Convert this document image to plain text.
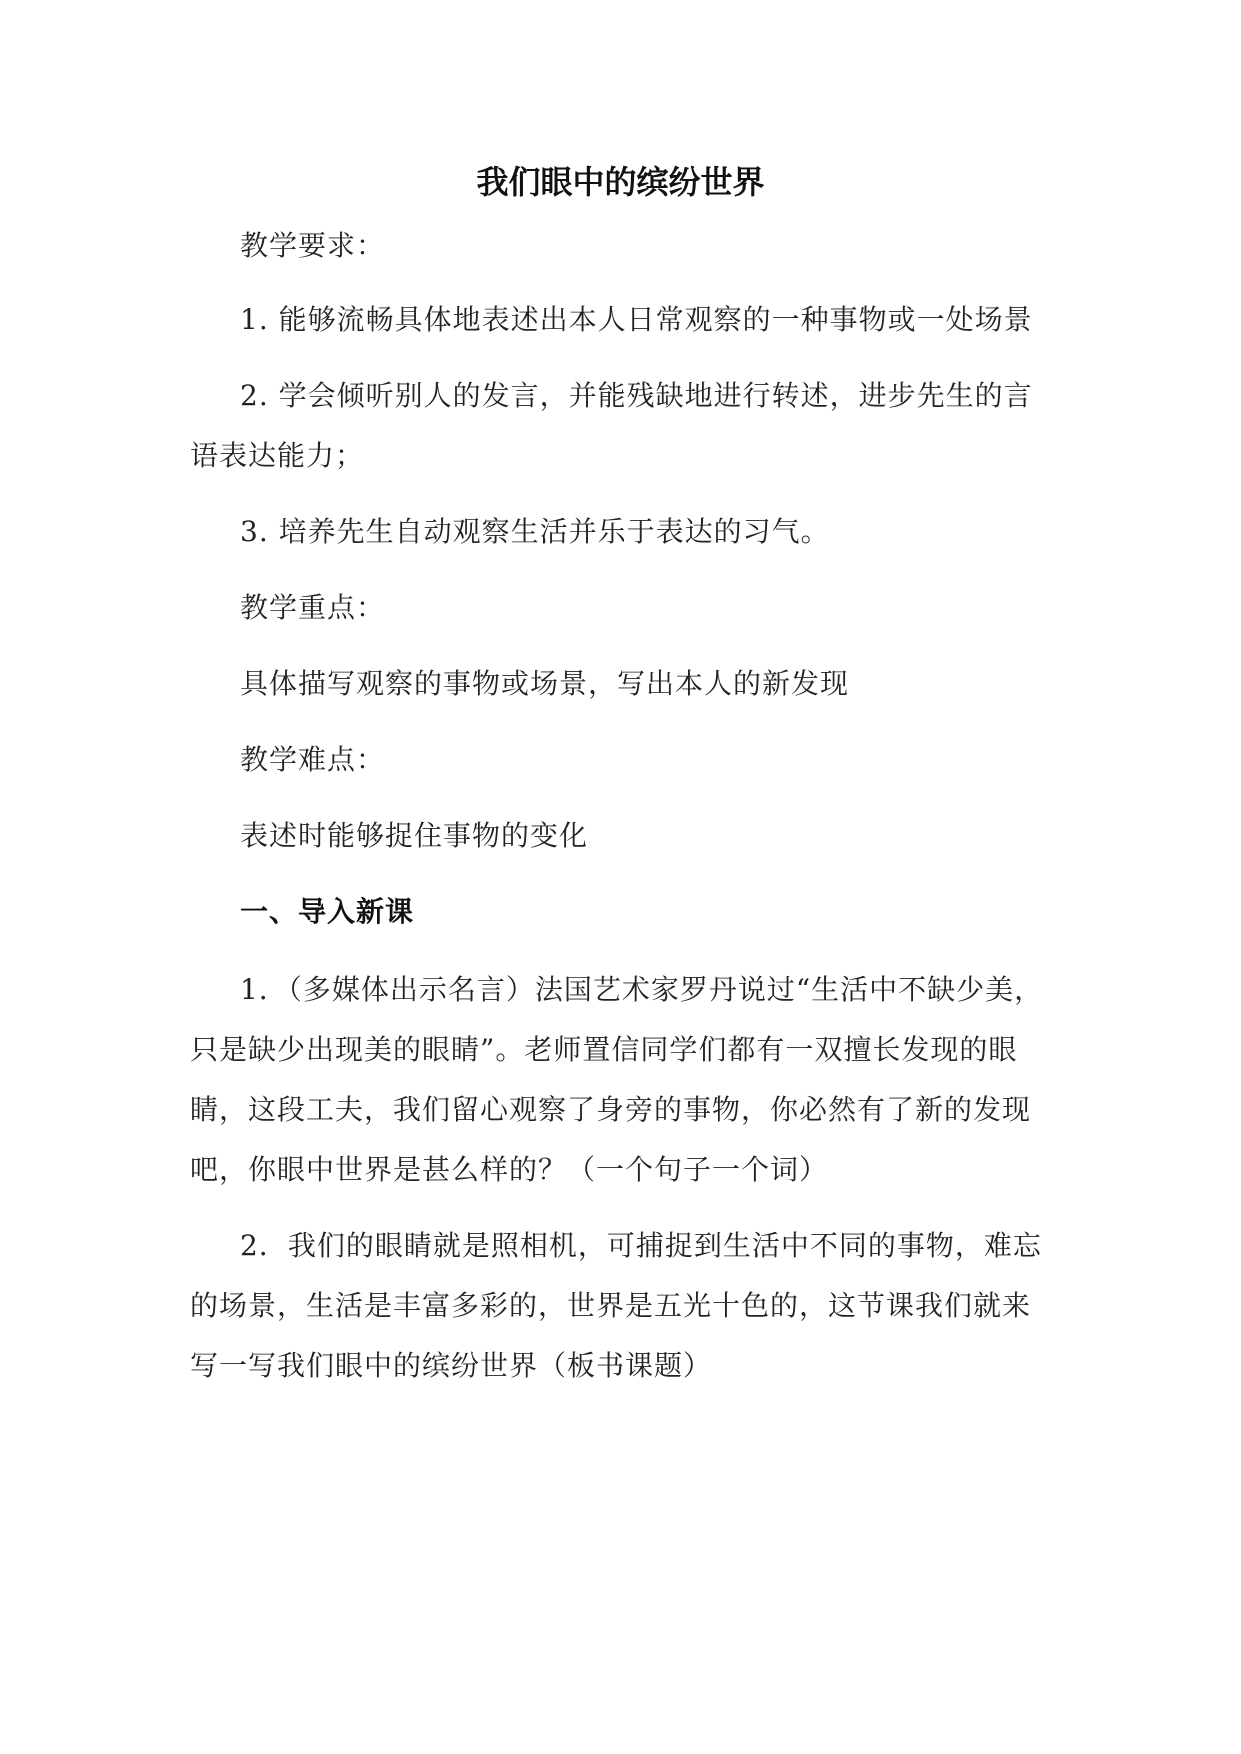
我们眼中的缤纷世界
教学要求：
1. 能够流畅具体地表述出本人日常观察的一种事物或一处场景
2. 学会倾听别人的发言，并能残缺地进行转述，进步先生的言
语表达能力；
3. 培养先生自动观察生活并乐于表达的习气。
教学重点：
具体描写观察的事物或场景，写出本人的新发现
教学难点：
表述时能够捉住事物的变化
一、导入新课
1．（多媒体出示名言）法国艺术家罗丹说过“生活中不缺少美，
只是缺少出现美的眼睛”。老师置信同学们都有一双擅长发现的眼
睛，这段工夫，我们留心观察了身旁的事物，你必然有了新的发现
吧，你眼中世界是甚么样的？（一个句子一个词）
2．我们的眼睛就是照相机，可捕捉到生活中不同的事物，难忘
的场景，生活是丰富多彩的，世界是五光十色的，这节课我们就来
写一写我们眼中的缤纷世界（板书课题）
